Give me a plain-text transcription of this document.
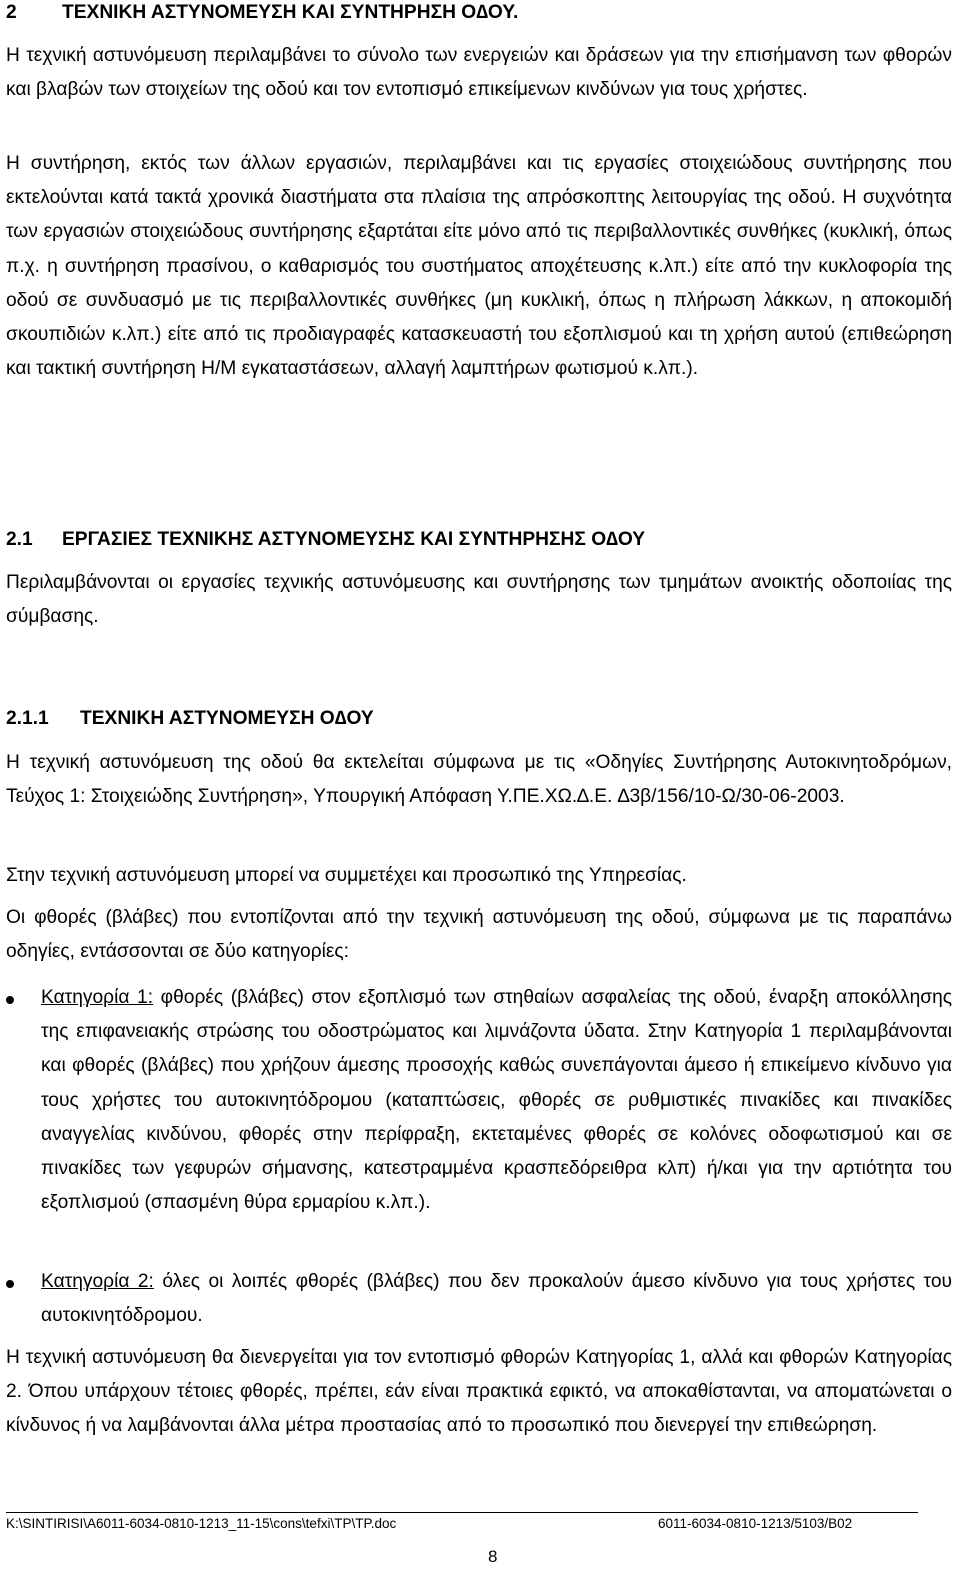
2 ΤΕΧΝΙΚΗ ΑΣΤΥΝΟΜΕΥΣΗ ΚΑΙ ΣΥΝΤΗΡΗΣΗ Ο∆ΟΥ.

Η τεχνική αστυνόμευση περιλαμβάνει το σύνολο των ενεργειών και δράσεων για την επισήμανση των φθορών και βλαβών των στοιχείων της οδού και τον εντοπισμό επικείμενων κινδύνων για τους χρήστες.

Η συντήρηση, εκτός των άλλων εργασιών, περιλαμβάνει και τις εργασίες στοιχειώδους συντήρησης που εκτελούνται κατά τακτά χρονικά διαστήματα στα πλαίσια της απρόσκοπτης λειτουργίας της οδού. Η συχνότητα των εργασιών στοιχειώδους συντήρησης εξαρτάται είτε μόνο από τις περιβαλλοντικές συνθήκες (κυκλική, όπως π.χ. η συντήρηση πρασίνου, ο καθαρισμός του συστήματος αποχέτευσης κ.λπ.) είτε από την κυκλοφορία της οδού σε συνδυασμό με τις περιβαλλοντικές συνθήκες (μη κυκλική, όπως η πλήρωση λάκκων, η αποκομιδή σκουπιδιών κ.λπ.) είτε από τις προδιαγραφές κατασκευαστή του εξοπλισμού και τη χρήση αυτού (επιθεώρηση και τακτική συντήρηση Η/Μ εγκαταστάσεων, αλλαγή λαμπτήρων φωτισμού κ.λπ.).

2.1 ΕΡΓΑΣΙΕΣ ΤΕΧΝΙΚΗΣ ΑΣΤΥΝΟΜΕΥΣΗΣ ΚΑΙ ΣΥΝΤΗΡΗΣΗΣ Ο∆ΟΥ

Περιλαμβάνονται οι εργασίες τεχνικής αστυνόμευσης και συντήρησης των τμημάτων ανοικτής οδοποιίας της σύμβασης.

2.1.1 ΤΕΧΝΙΚΗ ΑΣΤΥΝΟΜΕΥΣΗ Ο∆ΟΥ

Η τεχνική αστυνόμευση της οδού θα εκτελείται σύμφωνα με τις «Οδηγίες Συντήρησης Αυτοκινητοδρόμων, Τεύχος 1: Στοιχειώδης Συντήρηση», Υπουργική Απόφαση Υ.ΠΕ.ΧΩ.∆.Ε. ∆3β/156/10-Ω/30-06-2003.

Στην τεχνική αστυνόμευση μπορεί να συμμετέχει και προσωπικό της Υπηρεσίας.

Οι φθορές (βλάβες) που εντοπίζονται από την τεχνική αστυνόμευση της οδού, σύμφωνα με τις παραπάνω οδηγίες, εντάσσονται σε δύο κατηγορίες:

Κατηγορία 1: φθορές (βλάβες) στον εξοπλισμό των στηθαίων ασφαλείας της οδού, έναρξη αποκόλλησης της επιφανειακής στρώσης του οδοστρώματος και λιμνάζοντα ύδατα. Στην Κατηγορία 1 περιλαμβάνονται και φθορές (βλάβες) που χρήζουν άμεσης προσοχής καθώς συνεπάγονται άμεσο ή επικείμενο κίνδυνο για τους χρήστες του αυτοκινητόδρομου (καταπτώσεις, φθορές σε ρυθμιστικές πινακίδες και πινακίδες αναγγελίας κινδύνου, φθορές στην περίφραξη, εκτεταμένες φθορές σε κολόνες οδοφωτισμού και σε πινακίδες των γεφυρών σήμανσης, κατεστραμμένα κρασπεδόρειθρα κλπ) ή/και για την αρτιότητα του εξοπλισμού (σπασμένη θύρα ερμαρίου κ.λπ.).
Κατηγορία 2: όλες οι λοιπές φθορές (βλάβες) που δεν προκαλούν άμεσο κίνδυνο για τους χρήστες του αυτοκινητόδρομου.

Η τεχνική αστυνόμευση θα διενεργείται για τον εντοπισμό φθορών Κατηγορίας 1, αλλά και φθορών Κατηγορίας 2. Όπου υπάρχουν τέτοιες φθορές, πρέπει, εάν είναι πρακτικά εφικτό, να αποκαθίστανται, να αποματώνεται ο κίνδυνος ή να λαμβάνονται άλλα μέτρα προστασίας από το προσωπικό που διενεργεί την επιθεώρηση.

K:\SINTIRISI\A6011-6034-0810-1213_11-15\cons\tefxi\TP\TP.doc	6011-6034-0810-1213/5103/B02
8
